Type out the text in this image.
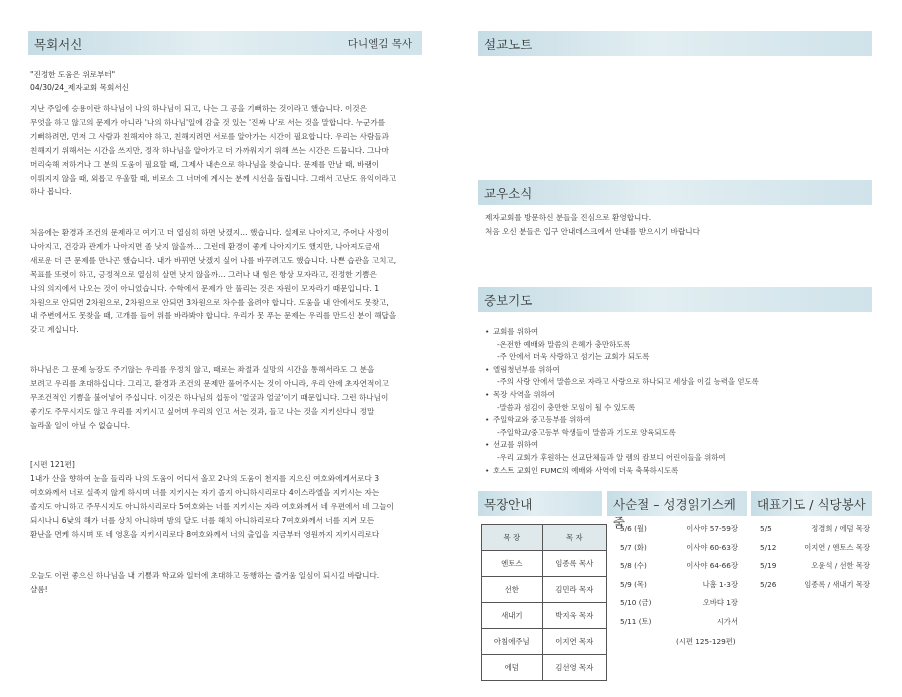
목회서신	다니엘김 목사
"진정한 도움은 위로부터"
04/30/24_제자교회 목회서신
지난 주일에 승용이란 하나님이 나의 하나님이 되고, 나는 그 공을 기뻐하는 것이라고 했습니다. 이것은
무엇을 하고 않고의 문제가 아니라 '나의 하나님'일에 감출 것 있는 '진짜 나'로 서는 것을 말합니다. 누군가를
기뻐하려면, 먼저 그 사람과 친해져야 하고, 친해지려면 서로를 알아가는 시간이 필요합니다. 우리는 사람들과
친해지기 위해서는 시간을 쓰지만, 정작 하나님을 알아가고 더 가까워지기 위해 쓰는 시간은 드뭅니다. 그나마
머리숙해 저하거나 그 분의 도움이 필요할 때, 그제사 내손으로 하나님을 찾습니다. 문제를 만날 때, 바램이
이뤄지지 않을 때, 외롭고 우울할 때, 비로소 그 너머에 계시는 분께 시선을 돌립니다. 그래서 고난도 유익이라고
하나 봅니다.
처음에는 환경과 조건의 문제라고 여기고 더 열심히 하면 낫겠지… 했습니다. 실제로 나아지고, 주어나 사정이
나아지고, 건강과 관계가 나아지면 좀 낫지 않을까… 그런데 환경이 좋게 나아지기도 했지만, 나아져도금새
새로운 더 큰 문제를 만나곤 했습니다. 내가 바뀌면 낫겠지 싶어 나를 바꾸려고도 했습니다. 나쁜 습관을 고치고,
목표를 또렷이 하고, 긍정적으로 열심히 살면 낫지 않을까… 그러나 내 힘은 항상 모자라고, 진정한 기쁨은
나의 의지에서 나오는 것이 아니었습니다. 수학에서 문제가 안 풀리는 것은 자원이 모자라기 때문입니다. 1
차원으로 안되면 2차원으로, 2차원으로 안되면 3차원으로 차수를 올려야 합니다. 도움을 내 안에서도 못찾고,
내 주변에서도 못찾을 때, 고개를 들어 위를 바라봐야 합니다. 우리가 못 푸는 문제는 우리를 만드신 분이 해답을
갖고 계십니다.
하나님은 그 문제 능장도 주기않는 우리를 우정치 않고, 때로는 좌절과 실망의 시간을 통해서라도 그 분을
보려고 우리를 초대하십니다. 그리고, 환경과 조건의 문제만 풀어주시는 것이 아니라, 우리 안에 초자연적이고
무조건적인 기쁨을 불어넣어 주십니다. 이것은 하나님의 섭동이 '얼굴과 얼굴'이기 때문입니다. 그런 하나님이
좋기도 주무시지도 않고 우리를 지키시고 싶어며 우리의 인고 서는 것과, 들고 나는 것을 지키신다니 정말
놀라울 일이 아닐 수 없습니다.
[시편 121편]
1내가 산을 향하여 눈을 들리라 나의 도움이 어디서 올꼬 2나의 도움이 천지를 지으신 여호와에게서로다 3
여호와께서 너로 실족지 않게 하시며 너를 지키시는 자기 졸지 아니하시리로다 4이스라엘을 지키시는 자는
졸지도 아니하고 주무시지도 아니하시리로다 5여호와는 너를 지키시는 자라 여호와께서 네 우편에서 네 그늘이
되시나니 6낮의 해가 너를 상치 아니하며 밤의 달도 너를 해치 아니하리로다 7여호와께서 너를 지켜 모든
환난을 면케 하시며 또 네 영혼을 지키시리로다 8여호와께서 너의 출입을 지금부터 영원까지 지키시리로다
오늘도 이런 좋으신 하나님을 내 기쁨과 학교와 일터에 초대하고 동행하는 즐거움 일심이 되시길 바랍니다.
샬롬!
설교노트
교우소식
제자교회를 방문하신 분들을 진심으로 환영합니다.
처음 오신 분들은 입구 안내데스크에서 안내를 받으시기 바랍니다
중보기도
• 교회를 위하여
-온전한 예배와 말씀의 은혜가 충만하도록
-주 안에서 더욱 사랑하고 섬기는 교회가 되도록
• 엘림청년부를 위하여
-주의 사랑 안에서 말씀으로 자라고 사랑으로 하나되고 세상을 이길 능력을 얻도록
• 목장 사역을 위하여
-말씀과 섬김이 충만한 모임이 될 수 있도록
• 주일학교와 중고등부를 위하여
-주일학교/중고등부 학생들이 말씀과 기도로 양육되도록
• 선교를 위하여
-우리 교회가 후원하는 선교단체들과 알 렘의 캄보디 어린이들을 위하여
• 호스트 교회인 FUMC의 예배와 사역에 더욱 축복하시도록
목장안내
목 장	목 자
엔토스	임종록 목사
선한	김민라 목자
새내기	박지욱 목자
아침에주님	이지연 목자
에덤	김선영 목자
사순절 – 성경읽기스케줄
5/6 (월)	이사야 57-59장
5/7 (화)	이사야 60-63장
5/8 (수)	이사야 64-66장
5/9 (목)	나훔 1-3장
5/10 (금)	오바댜 1장
5/11 (토)	시가서
(시편 125-129편)
대표기도 / 식당봉사
5/5	정경희 / 에덤 목장
5/12	이지연 / 엔토스 목장
5/19	오윤석 / 선한 목장
5/26	임종록 / 새내기 목장
